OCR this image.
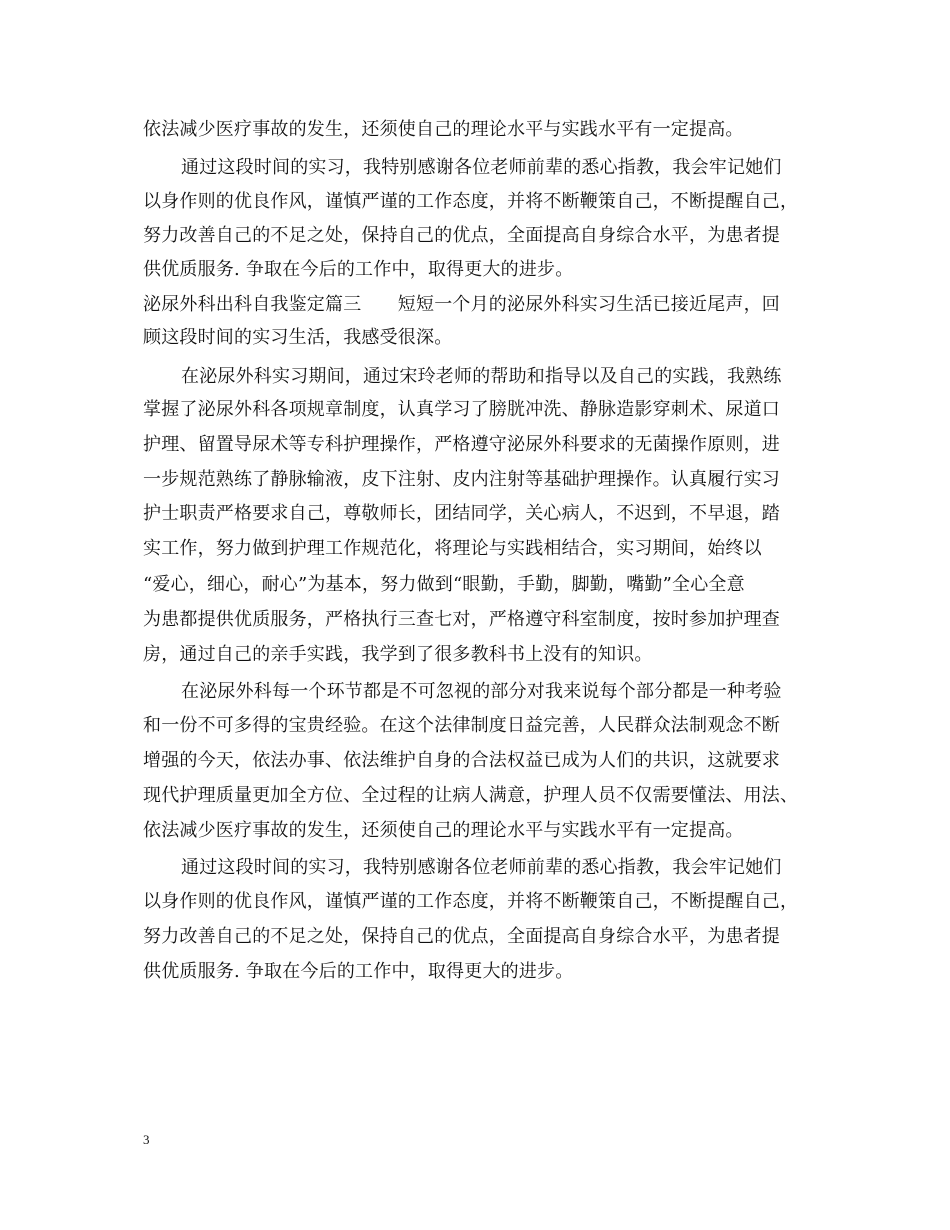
依法减少医疗事故的发生，还须使自己的理论水平与实践水平有一定提高。
通过这段时间的实习，我特别感谢各位老师前辈的悉心指教，我会牢记她们
以身作则的优良作风，谨慎严谨的工作态度，并将不断鞭策自己，不断提醒自己，
努力改善自己的不足之处，保持自己的优点，全面提高自身综合水平，为患者提
供优质服务. 争取在今后的工作中，取得更大的进步。
泌尿外科出科自我鉴定篇三　　短短一个月的泌尿外科实习生活已接近尾声，回
顾这段时间的实习生活，我感受很深。
在泌尿外科实习期间，通过宋玲老师的帮助和指导以及自己的实践，我熟练
掌握了泌尿外科各项规章制度，认真学习了膀胱冲洗、静脉造影穿刺术、尿道口
护理、留置导尿术等专科护理操作，严格遵守泌尿外科要求的无菌操作原则，进
一步规范熟练了静脉输液，皮下注射、皮内注射等基础护理操作。认真履行实习
护士职责严格要求自己，尊敬师长，团结同学，关心病人，不迟到，不早退，踏
实工作，努力做到护理工作规范化，将理论与实践相结合，实习期间，始终以
“爱心，细心，耐心”为基本，努力做到“眼勤，手勤，脚勤，嘴勤”全心全意
为患都提供优质服务，严格执行三查七对，严格遵守科室制度，按时参加护理查
房，通过自己的亲手实践，我学到了很多教科书上没有的知识。
在泌尿外科每一个环节都是不可忽视的部分对我来说每个部分都是一种考验
和一份不可多得的宝贵经验。在这个法律制度日益完善，人民群众法制观念不断
增强的今天，依法办事、依法维护自身的合法权益已成为人们的共识，这就要求
现代护理质量更加全方位、全过程的让病人满意，护理人员不仅需要懂法、用法、
依法减少医疗事故的发生，还须使自己的理论水平与实践水平有一定提高。
通过这段时间的实习，我特别感谢各位老师前辈的悉心指教，我会牢记她们
以身作则的优良作风，谨慎严谨的工作态度，并将不断鞭策自己，不断提醒自己，
努力改善自己的不足之处，保持自己的优点，全面提高自身综合水平，为患者提
供优质服务. 争取在今后的工作中，取得更大的进步。
3
